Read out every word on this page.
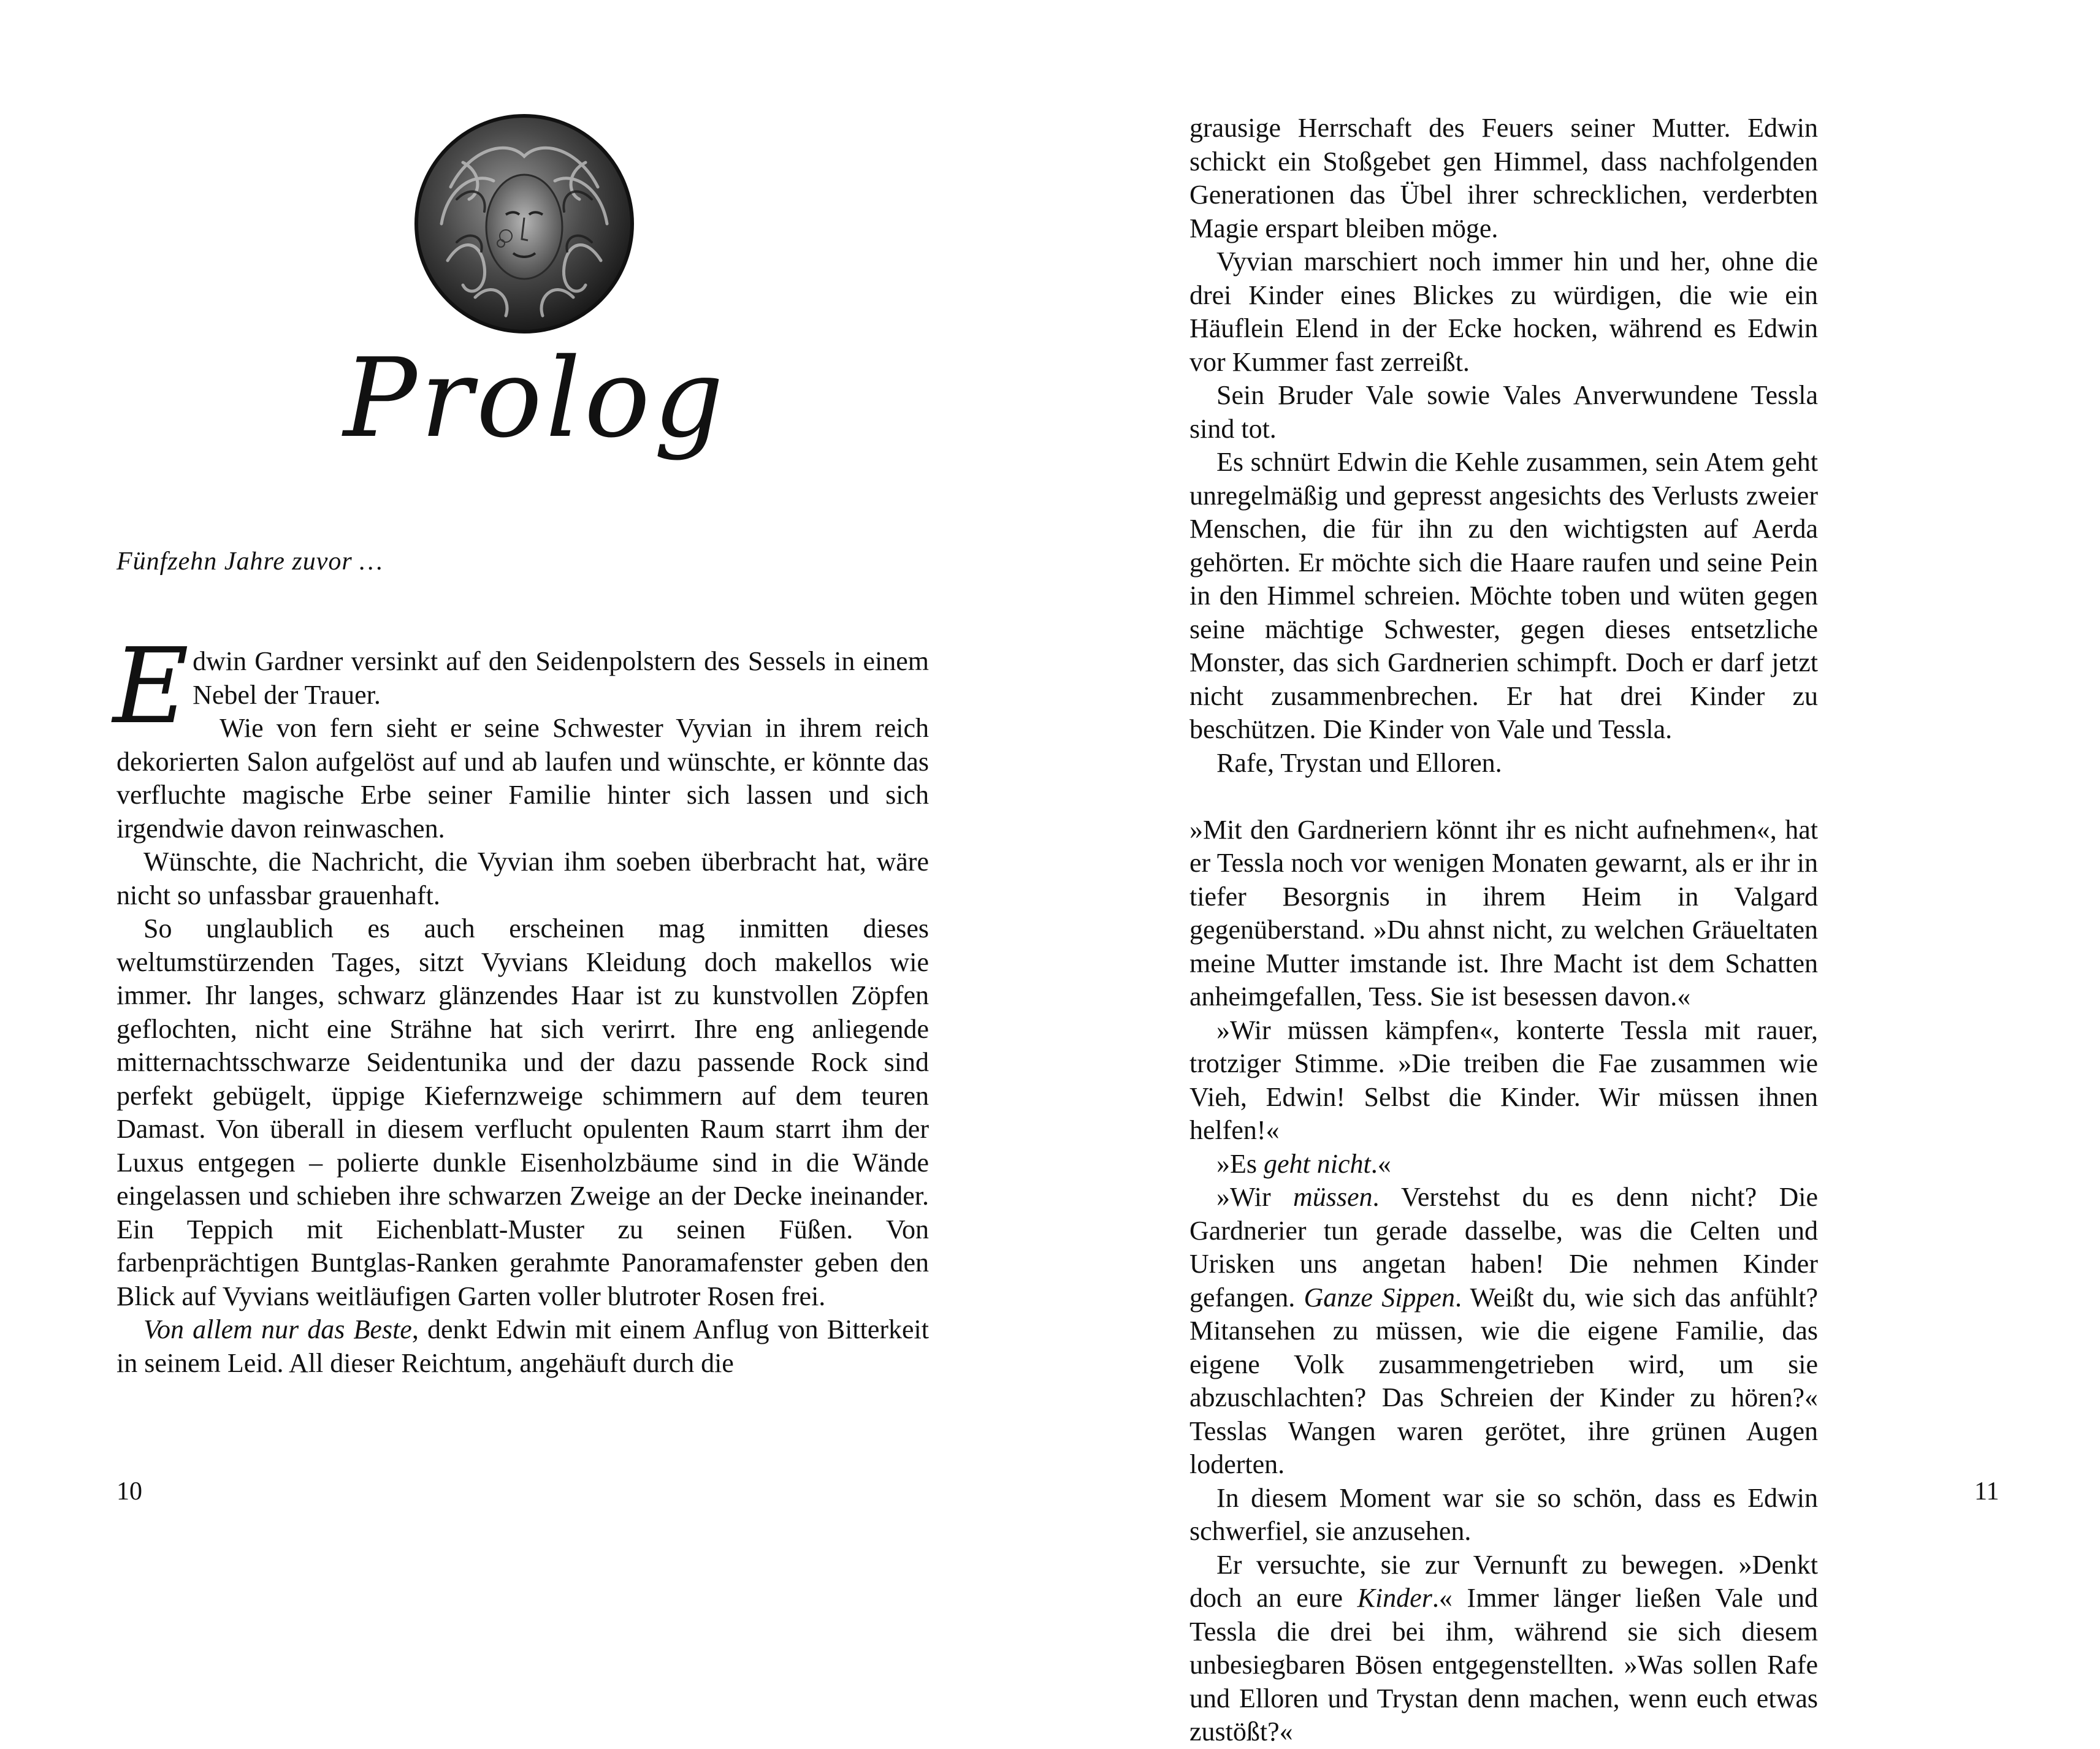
Prolog

Fünfzehn Jahre zuvor …

Edwin Gardner versinkt auf den Seidenpolstern des Sessels in einem Nebel der Trauer.

Wie von fern sieht er seine Schwester Vyvian in ihrem reich dekorierten Salon aufgelöst auf und ab laufen und wünschte, er könnte das verfluchte magische Erbe seiner Familie hinter sich lassen und sich irgendwie davon reinwaschen.

Wünschte, die Nachricht, die Vyvian ihm soeben überbracht hat, wäre nicht so unfassbar grauenhaft.

So unglaublich es auch erscheinen mag inmitten dieses weltumstürzenden Tages, sitzt Vyvians Kleidung doch makellos wie immer. Ihr langes, schwarz glänzendes Haar ist zu kunstvollen Zöpfen geflochten, nicht eine Strähne hat sich verirrt. Ihre eng anliegende mitternachtsschwarze Seidentunika und der dazu passende Rock sind perfekt gebügelt, üppige Kiefernzweige schimmern auf dem teuren Damast. Von überall in diesem verflucht opulenten Raum starrt ihm der Luxus entgegen – polierte dunkle Eisenholzbäume sind in die Wände eingelassen und schieben ihre schwarzen Zweige an der Decke ineinander. Ein Teppich mit Eichenblatt-Muster zu seinen Füßen. Von farbenprächtigen Buntglas-Ranken gerahmte Panoramafenster geben den Blick auf Vyvians weitläufigen Garten voller blutroter Rosen frei.

Von allem nur das Beste, denkt Edwin mit einem Anflug von Bitterkeit in seinem Leid. All dieser Reichtum, angehäuft durch die

10

grausige Herrschaft des Feuers seiner Mutter. Edwin schickt ein Stoßgebet gen Himmel, dass nachfolgenden Generationen das Übel ihrer schrecklichen, verderbten Magie erspart bleiben möge.

Vyvian marschiert noch immer hin und her, ohne die drei Kinder eines Blickes zu würdigen, die wie ein Häuflein Elend in der Ecke hocken, während es Edwin vor Kummer fast zerreißt.

Sein Bruder Vale sowie Vales Anverwundene Tessla sind tot.

Es schnürt Edwin die Kehle zusammen, sein Atem geht unregelmäßig und gepresst angesichts des Verlusts zweier Menschen, die für ihn zu den wichtigsten auf Aerda gehörten. Er möchte sich die Haare raufen und seine Pein in den Himmel schreien. Möchte toben und wüten gegen seine mächtige Schwester, gegen dieses entsetzliche Monster, das sich Gardnerien schimpft. Doch er darf jetzt nicht zusammenbrechen. Er hat drei Kinder zu beschützen. Die Kinder von Vale und Tessla.

Rafe, Trystan und Elloren.

»Mit den Gardneriern könnt ihr es nicht aufnehmen«, hat er Tessla noch vor wenigen Monaten gewarnt, als er ihr in tiefer Besorgnis in ihrem Heim in Valgard gegenüberstand. »Du ahnst nicht, zu welchen Gräueltaten meine Mutter imstande ist. Ihre Macht ist dem Schatten anheimgefallen, Tess. Sie ist besessen davon.«

»Wir müssen kämpfen«, konterte Tessla mit rauer, trotziger Stimme. »Die treiben die Fae zusammen wie Vieh, Edwin! Selbst die Kinder. Wir müssen ihnen helfen!«

»Es geht nicht.«

»Wir müssen. Verstehst du es denn nicht? Die Gardnerier tun gerade dasselbe, was die Celten und Urisken uns angetan haben! Die nehmen Kinder gefangen. Ganze Sippen. Weißt du, wie sich das anfühlt? Mitansehen zu müssen, wie die eigene Familie, das eigene Volk zusammengetrieben wird, um sie abzuschlachten? Das Schreien der Kinder zu hören?« Tesslas Wangen waren gerötet, ihre grünen Augen loderten.

In diesem Moment war sie so schön, dass es Edwin schwerfiel, sie anzusehen.

Er versuchte, sie zur Vernunft zu bewegen. »Denkt doch an eure Kinder.« Immer länger ließen Vale und Tessla die drei bei ihm, während sie sich diesem unbesiegbaren Bösen entgegenstellten. »Was sollen Rafe und Elloren und Trystan denn machen, wenn euch etwas zustößt?«

11
